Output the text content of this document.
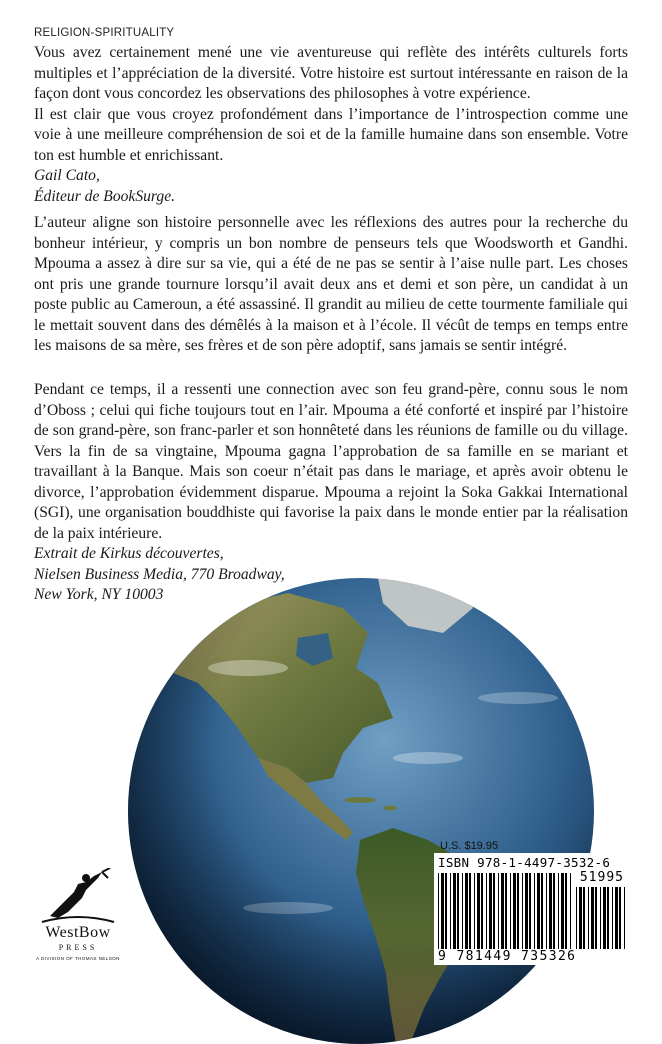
RELIGION-SPIRITUALITY

Vous avez certainement mené une vie aventureuse qui reflète des intérêts culturels forts multiples et l’appréciation de la diversité. Votre histoire est surtout intéressante en raison de la façon dont vous concordez les observations des philosophes à votre expérience.

Il est clair que vous croyez profondément dans l’importance de l’introspection comme une voie à une meilleure compréhension de soi et de la famille humaine dans son ensemble. Votre ton est humble et enrichissant.

Gail Cato,

Éditeur de BookSurge.

L’auteur aligne son histoire personnelle avec les réflexions des autres pour la recherche du bonheur intérieur, y compris un bon nombre de penseurs tels que Woodsworth et Gandhi. Mpouma a assez à dire sur sa vie, qui a été de ne pas se sentir à l’aise nulle part. Les choses ont pris une grande tournure lorsqu’il avait deux ans et demi et son père, un candidat à un poste public au Cameroun, a été assassiné. Il grandit au milieu de cette tourmente familiale qui le mettait souvent dans des démêlés à la maison et à l’école. Il vécût de temps en temps entre les maisons de sa mère, ses frères et de son père adoptif, sans jamais se sentir intégré.

Pendant ce temps, il a ressenti une connection avec son feu grand-père, connu sous le nom d’Oboss ; celui qui fiche toujours tout en l’air. Mpouma a été conforté et inspiré par l’histoire de son grand-père, son franc-parler et son honnêteté dans les réunions de famille ou du village. Vers la fin de sa vingtaine, Mpouma gagna l’approbation de sa famille en se mariant et travaillant à la Banque. Mais son coeur n’était pas dans le mariage, et après avoir obtenu le divorce, l’approbation évidemment disparue. Mpouma a rejoint la Soka Gakkai International (SGI), une organisation bouddhiste qui favorise la paix dans le monde entier par la réalisation de la paix intérieure.

Extrait de Kirkus découvertes,

Nielsen Business Media, 770 Broadway,

New York, NY 10003

U.S. $19.95
ISBN 978-1-4497-3532-6
51995
9 781449 735326
WestBow
PRESS
A DIVISION OF THOMAS NELSON
